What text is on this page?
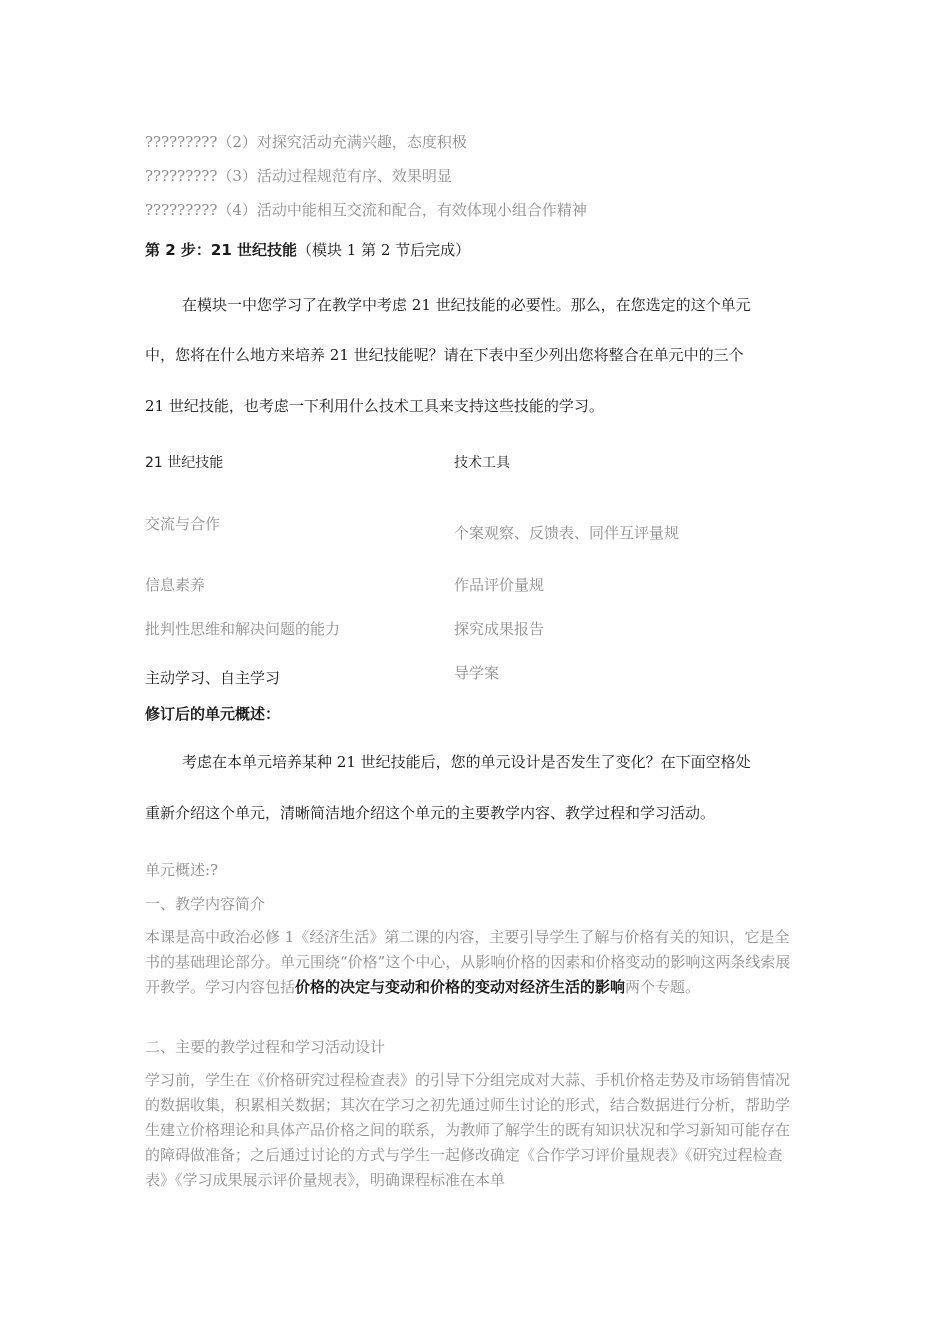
?????????（2）对探究活动充满兴趣，态度积极

?????????（3）活动过程规范有序、效果明显

?????????（4）活动中能相互交流和配合，有效体现小组合作精神

第 2 步：21 世纪技能（模块 1 第 2 节后完成）

在模块一中您学习了在教学中考虑 21 世纪技能的必要性。那么，在您选定的这个单元

中，您将在什么地方来培养 21 世纪技能呢？请在下表中至少列出您将整合在单元中的三个

21 世纪技能，也考虑一下利用什么技术工具来支持这些技能的学习。

21 世纪技能	技术工具

交流与合作	个案观察、反馈表、同伴互评量规

信息素养	作品评价量规

批判性思维和解决问题的能力	探究成果报告

主动学习、自主学习	导学案

修订后的单元概述：

考虑在本单元培养某种 21 世纪技能后，您的单元设计是否发生了变化？在下面空格处

重新介绍这个单元，清晰简洁地介绍这个单元的主要教学内容、教学过程和学习活动。

单元概述:?

一、教学内容简介

本课是高中政治必修 1《经济生活》第二课的内容，主要引导学生了解与价格有关的知识，它是全书的基础理论部分。单元围绕“价格”这个中心，从影响价格的因素和价格变动的影响这两条线索展开教学。学习内容包括价格的决定与变动和价格的变动对经济生活的影响两个专题。

二、主要的教学过程和学习活动设计

学习前，学生在《价格研究过程检查表》的引导下分组完成对大蒜、手机价格走势及市场销售情况的数据收集，积累相关数据；其次在学习之初先通过师生讨论的形式，结合数据进行分析，帮助学生建立价格理论和具体产品价格之间的联系，为教师了解学生的既有知识状况和学习新知可能存在的障碍做准备；之后通过讨论的方式与学生一起修改确定《合作学习评价量规表》《研究过程检查表》《学习成果展示评价量规表》，明确课程标准在本单
